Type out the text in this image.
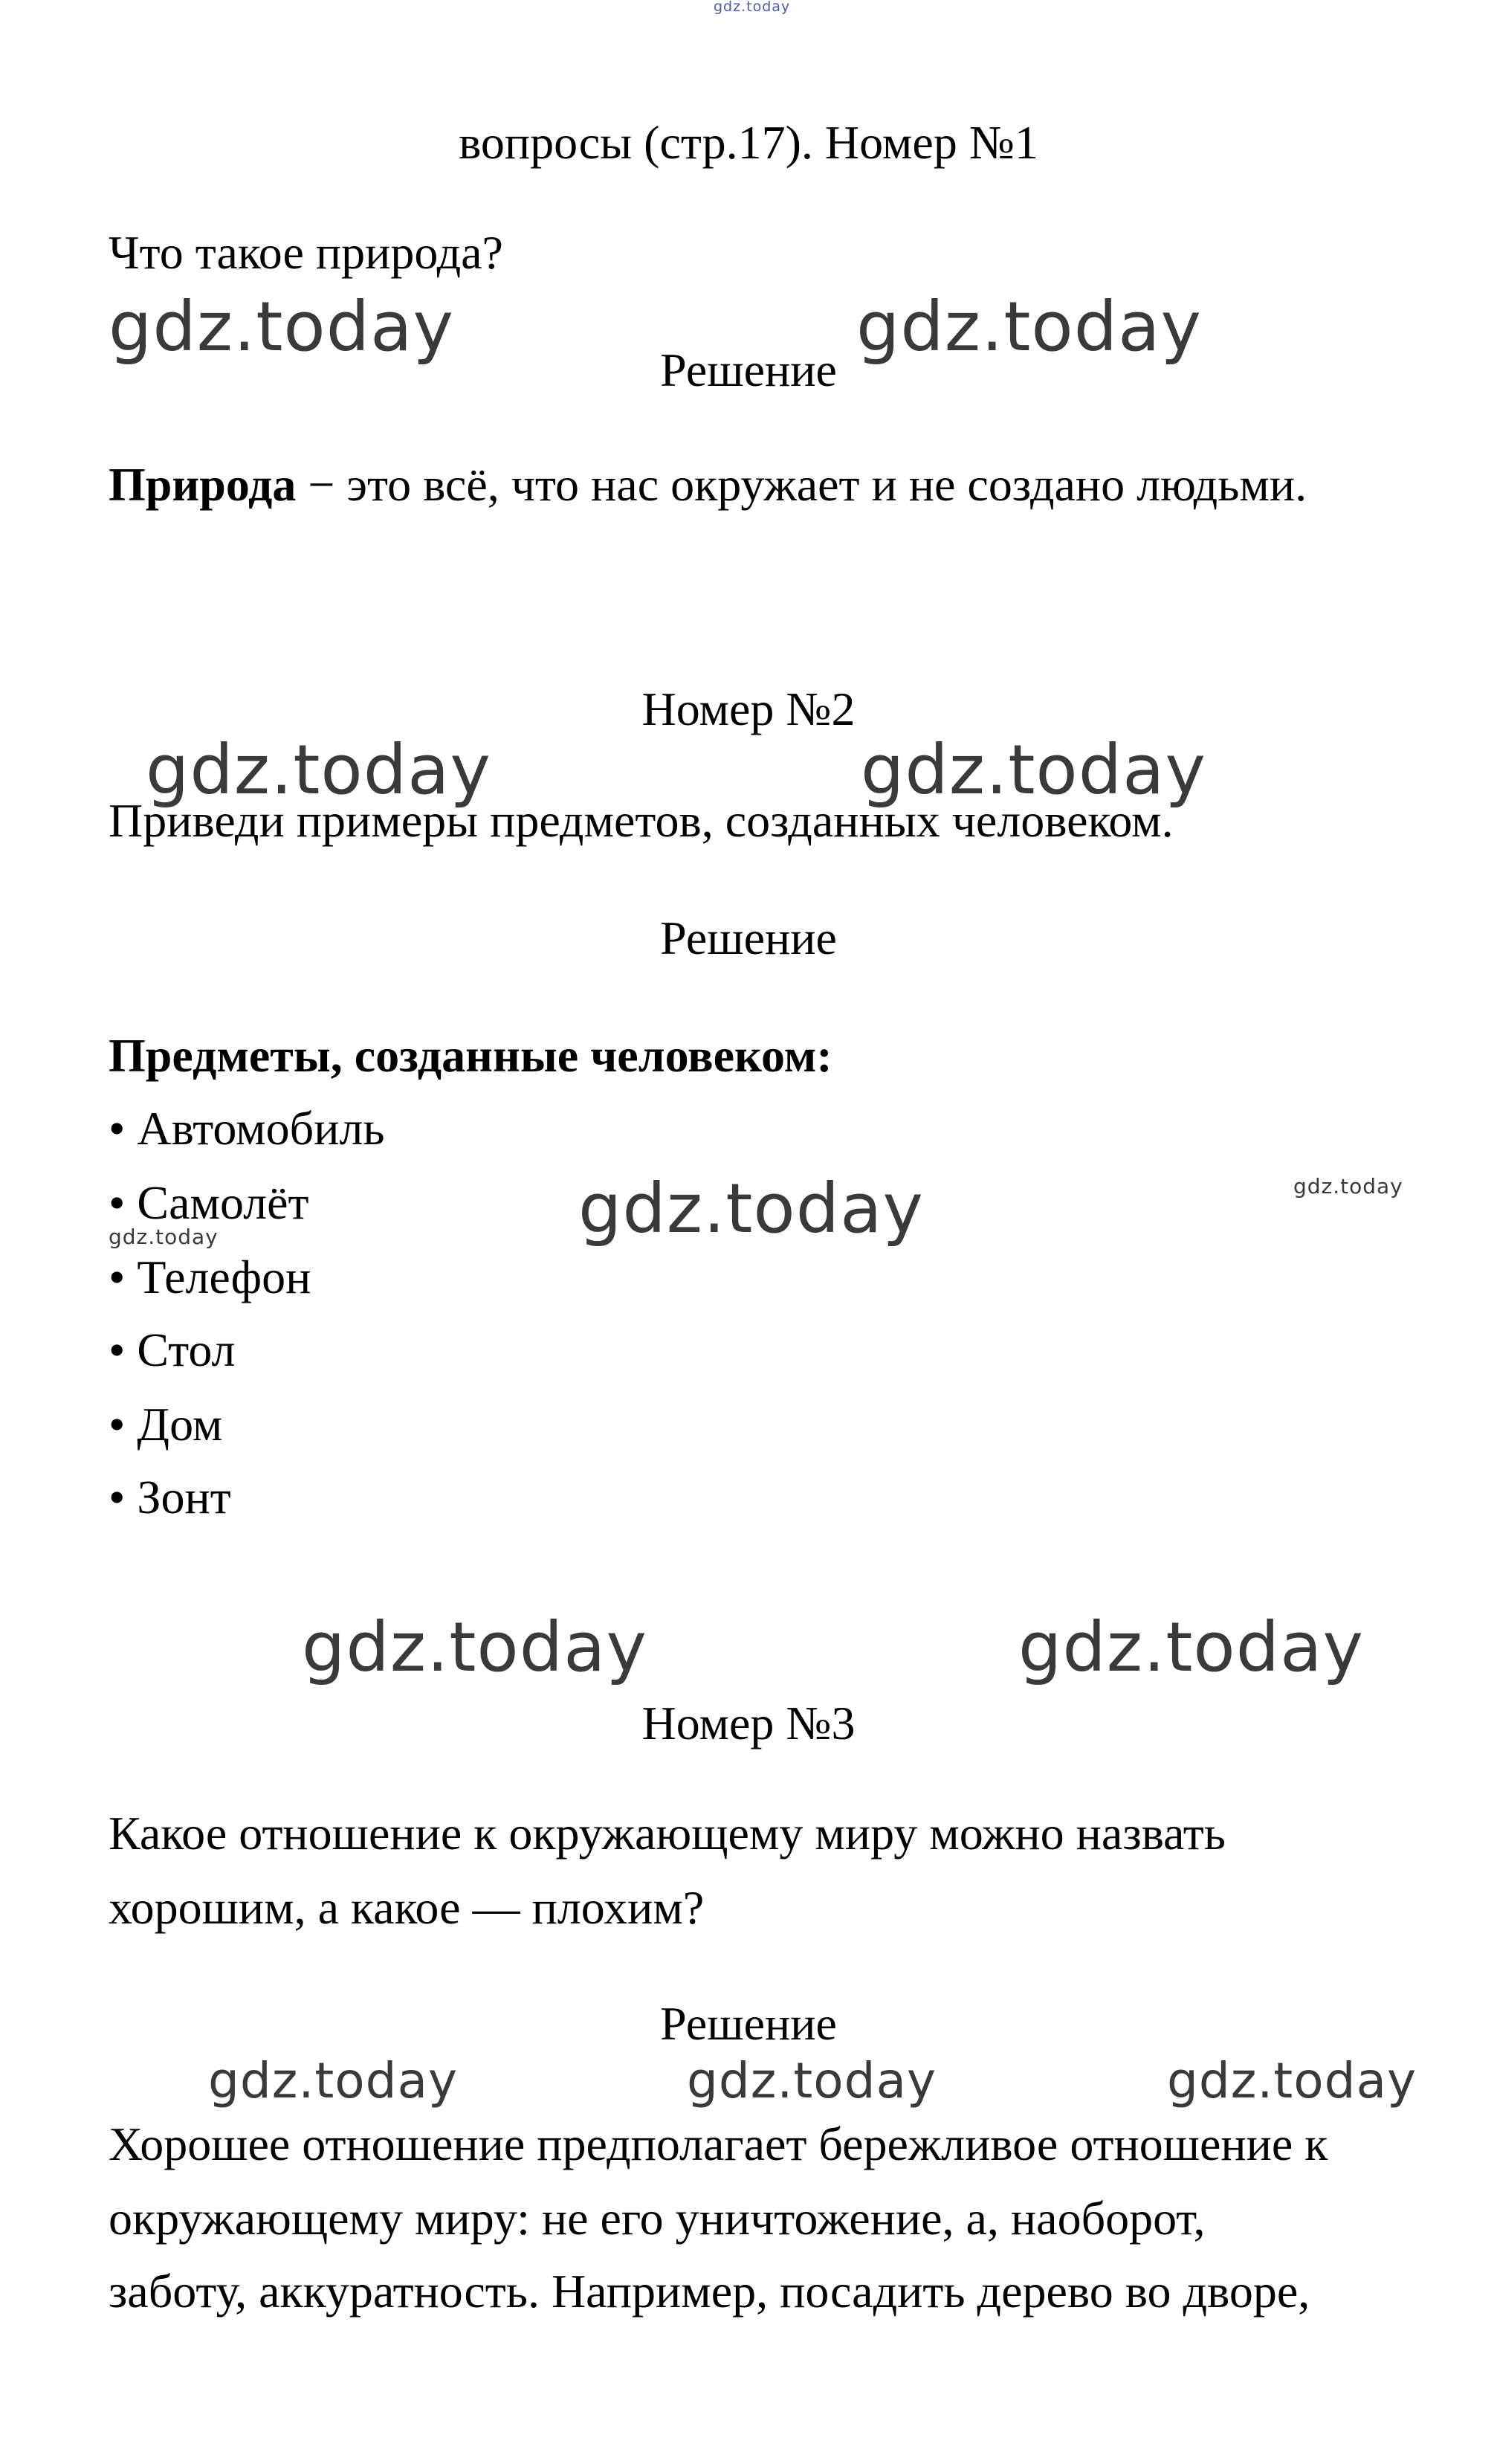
вопросы (стр.17). Номер №1
Что такое природа?
Решение
Природа − это всё, что нас окружает и не создано людьми.
Номер №2
Приведи примеры предметов, созданных человеком.
Решение
Предметы, созданные человеком:
• Автомобиль
• Самолёт
• Телефон
• Стол
• Дом
• Зонт
Номер №3
Какое отношение к окружающему миру можно назвать
хорошим, а какое — плохим?
Решение
Хорошее отношение предполагает бережливое отношение к
окружающему миру: не его уничтожение, а, наоборот,
заботу, аккуратность. Например, посадить дерево во дворе,
gdz.today
gdz.today	gdz.today
gdz.today	gdz.today
gdz.today	gdz.today
gdz.today
gdz.today	gdz.today
gdz.today	gdz.today	gdz.today
